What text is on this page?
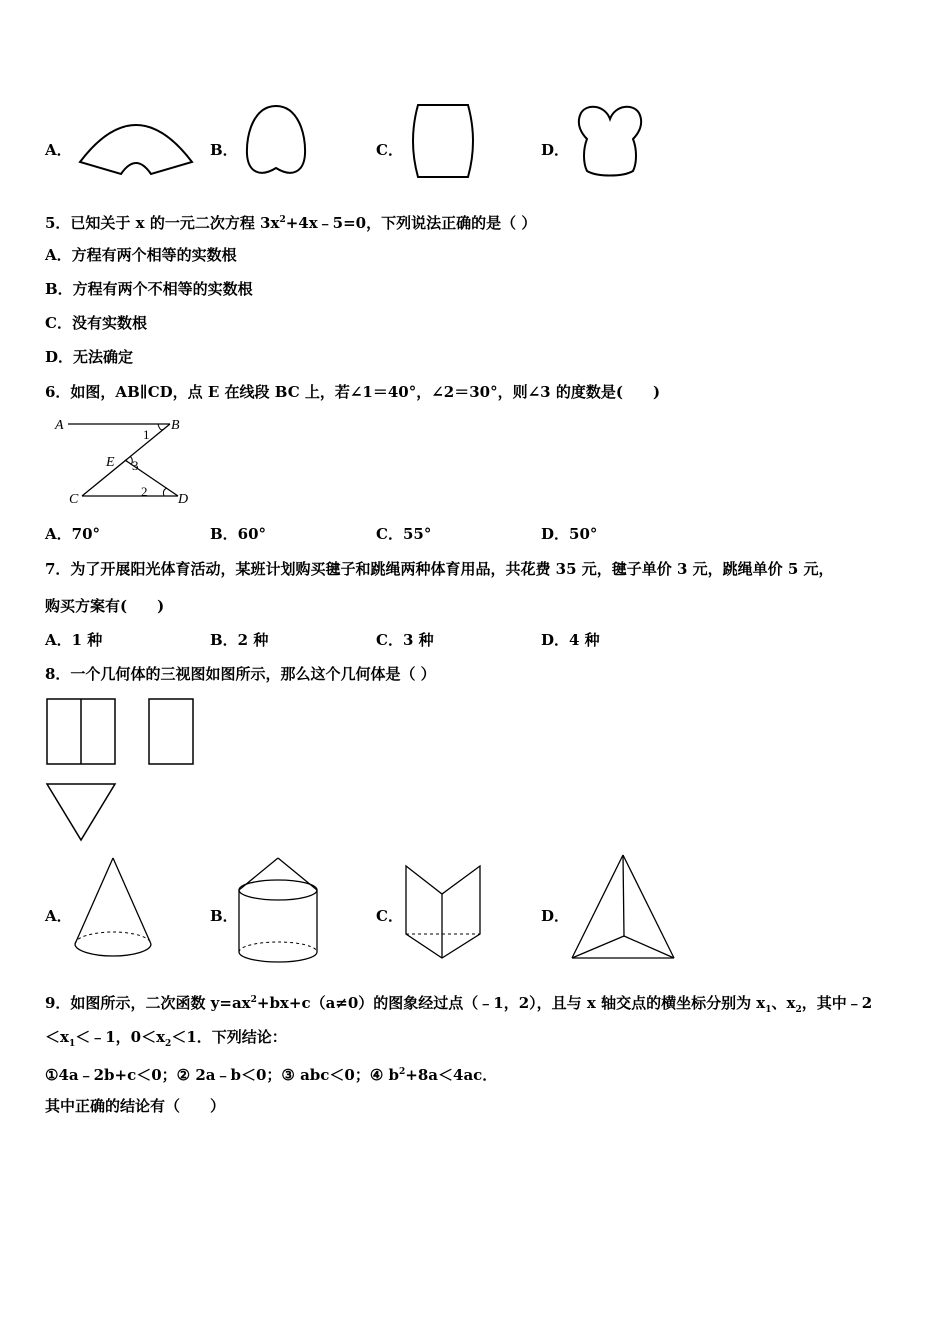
A．	B．	C．	D．
5．已知关于 x 的一元二次方程 $3x^2+4x﹣5=0$，下列说法正确的是（ ）
A．方程有两个相等的实数根
B．方程有两个不相等的实数根
C．没有实数根
D．无法确定
6．如图，AB∥CD，点 E 在线段 BC 上，若∠1＝40°，∠2＝30°，则∠3 的度数是(　　)
A	B
C	D
E
1
2
3
A．70°	B．60°	C．55°	D．50°
7．为了开展阳光体育活动，某班计划购买毽子和跳绳两种体育用品，共花费 35 元，毽子单价 3 元，跳绳单价 5 元，
购买方案有(　　)
A．1 种	B．2 种	C．3 种	D．4 种
8．一个几何体的三视图如图所示，那么这个几何体是（ ）
A．	B．	C．	D．
9．如图所示，二次函数 $y=ax^2+bx+c(a\ne 0)$的图象经过点（﹣1，2），且与 x 轴交点的横坐标分别为 $x_1$、$x_2$，其中﹣2
$<x_1<﹣1$，$0<x_2<1$．下列结论：
①4a﹣2b+c＜0；② 2a﹣b＜0；③ abc＜0；④ $b^2+8a<4ac$．
其中正确的结论有（　　）
